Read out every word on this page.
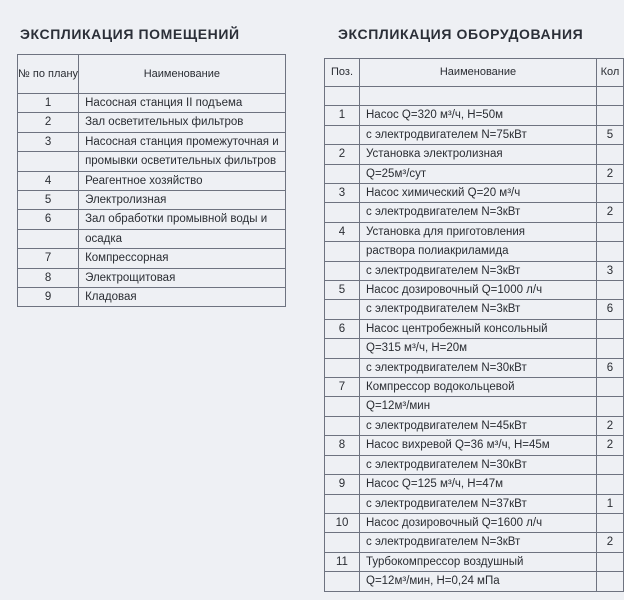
ЭКСПЛИКАЦИЯ ПОМЕЩЕНИЙ	ЭКСПЛИКАЦИЯ ОБОРУДОВАНИЯ
№ по плану	Наименование
1	Насосная станция II подъема
2	Зал осветительных фильтров
3	Насосная станция промежуточная и
	промывки осветительных фильтров
4	Реагентное хозяйство
5	Электролизная
6	Зал обработки промывной воды и
	осадка
7	Компрессорная
8	Электрощитовая
9	Кладовая
Поз.	Наименование	Кол

1	Насос Q=320 м³/ч, H=50м	
	с электродвигателем N=75кВт	5
2	Установка электролизная	
	Q=25м³/сут	2
3	Насос химический Q=20 м³/ч	
	с электродвигателем N=3кВт	2
4	Установка для приготовления	
	раствора полиакриламида	
	с электродвигателем N=3кВт	3
5	Насос дозировочный Q=1000 л/ч	
	с электродвигателем N=3кВт	6
6	Насос центробежный консольный	
	Q=315 м³/ч, H=20м	
	с электродвигателем N=30кВт	6
7	Компрессор водокольцевой	
	Q=12м³/мин	
	с электродвигателем N=45кВт	2
8	Насос вихревой Q=36 м³/ч, H=45м	2
	с электродвигателем N=30кВт	
9	Насос Q=125 м³/ч, H=47м	
	с электродвигателем N=37кВт	1
10	Насос дозировочный Q=1600 л/ч	
	с электродвигателем N=3кВт	2
11	Турбокомпрессор воздушный	
	Q=12м³/мин, H=0,24 мПа	
